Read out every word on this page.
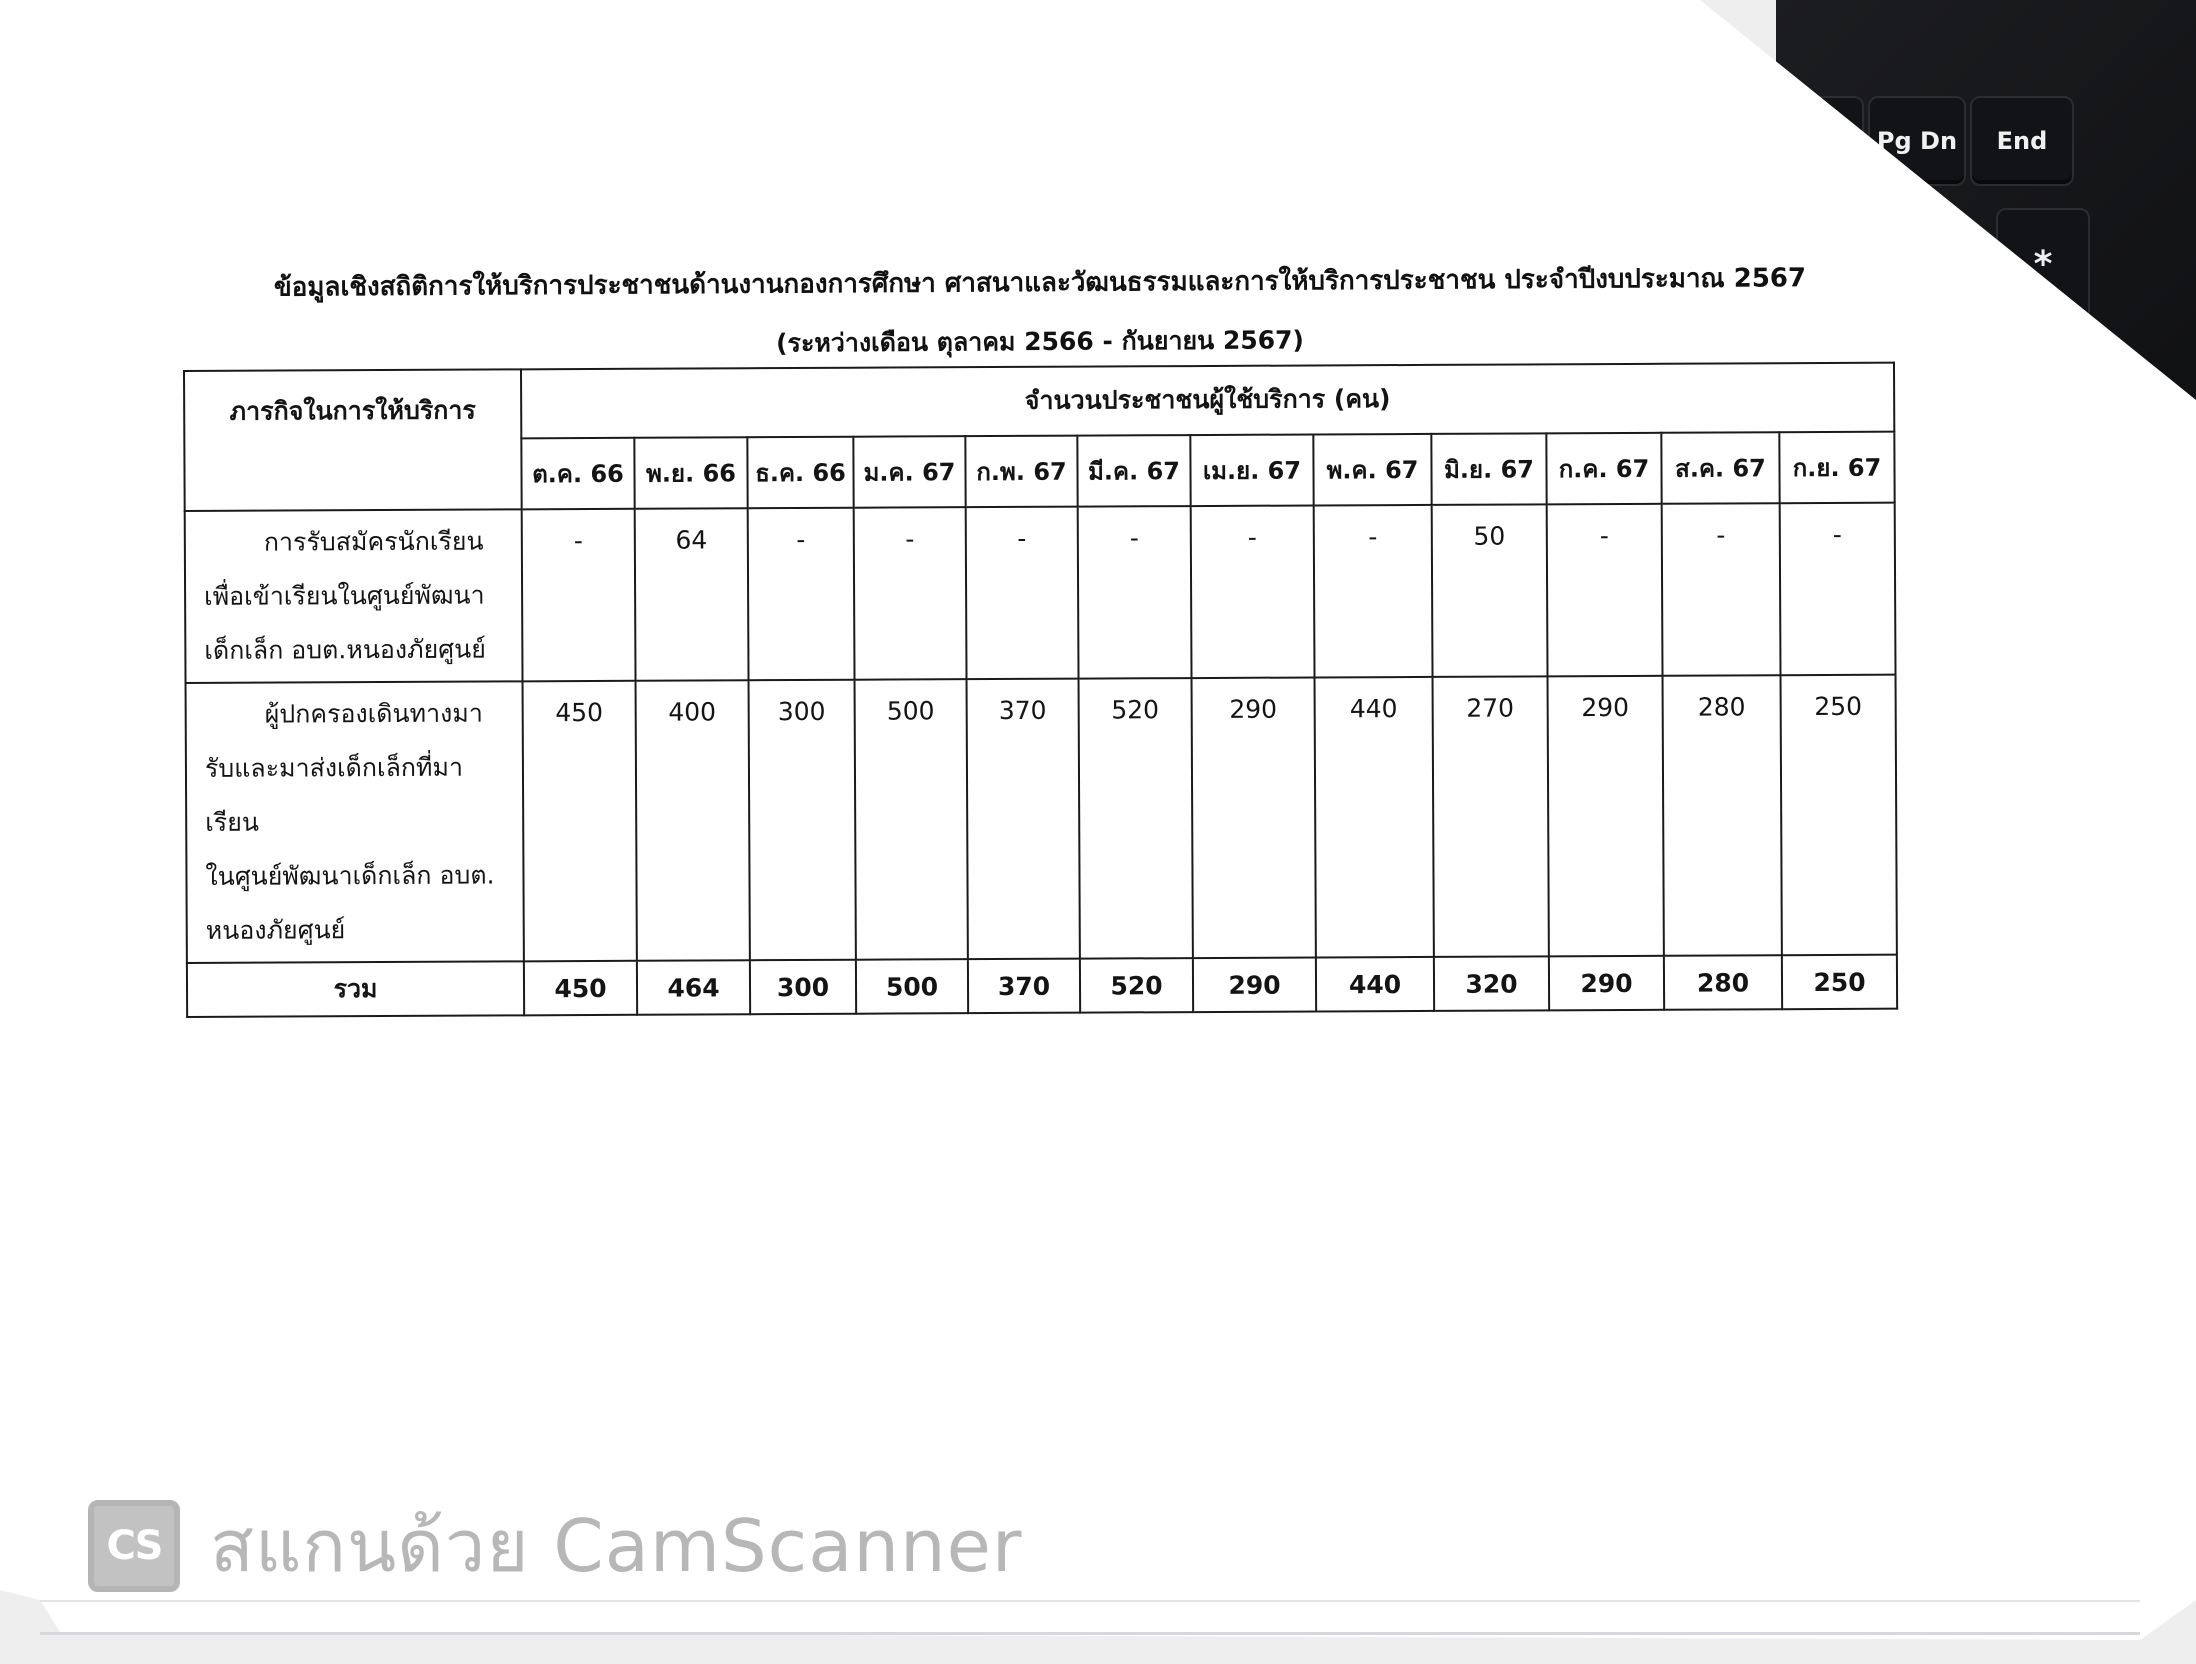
Pg Dn End
*
ข้อมูลเชิงสถิติการให้บริการประชาชนด้านงานกองการศึกษา ศาสนาและวัฒนธรรมและการให้บริการประชาชน ประจำปีงบประมาณ 2567
(ระหว่างเดือน ตุลาคม 2566 - กันยายน 2567)
ภารกิจในการให้บริการ	จำนวนประชาชนผู้ใช้บริการ (คน)											
	ต.ค. 66	พ.ย. 66	ธ.ค. 66	ม.ค. 67	ก.พ. 67	มี.ค. 67	เม.ย. 67	พ.ค. 67	มิ.ย. 67	ก.ค. 67	ส.ค. 67	ก.ย. 67

การรับสมัครนักเรียน
เพื่อเข้าเรียนในศูนย์พัฒนา
เด็กเล็ก อบต.หนองภัยศูนย์	-	64	-	-	-	-	-	-	50	-	-	-

ผู้ปกครองเดินทางมา
รับและมาส่งเด็กเล็กที่มาเรียน
ในศูนย์พัฒนาเด็กเล็ก อบต.
หนองภัยศูนย์	450	400	300	500	370	520	290	440	270	290	280	250
รวม	450	464	300	500	370	520	290	440	320	290	280	250
CS สแกนด้วย CamScanner
